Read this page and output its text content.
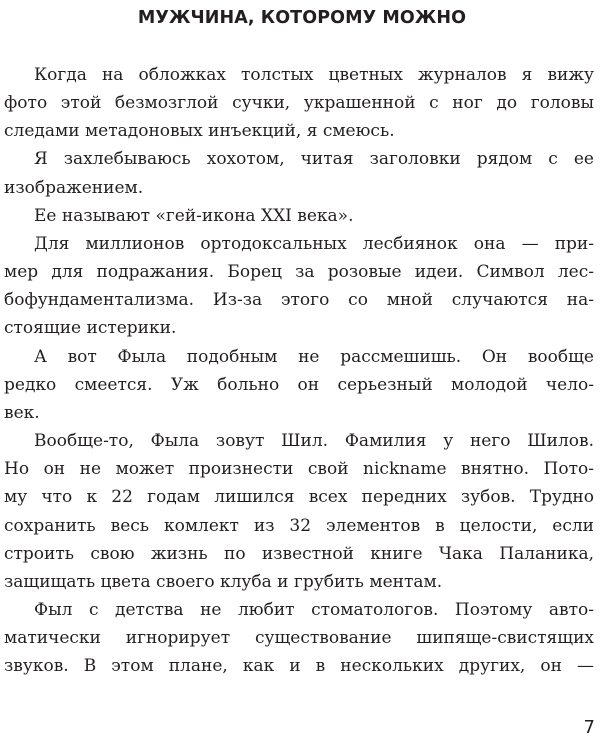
МУЖЧИНА, КОТОРОМУ МОЖНО

Когда на обложках толстых цветных журналов я вижу
фото этой безмозглой сучки, украшенной с ног до головы
следами метадоновых инъекций, я смеюсь.

Я захлебываюсь хохотом, читая заголовки рядом с ее
изображением.

Ее называют «гей-икона XXI века».

Для миллионов ортодоксальных лесбиянок она — при-
мер для подражания. Борец за розовые идеи. Символ лес-
бофундаментализма. Из-за этого со мной случаются на-
стоящие истерики.

А вот Фыла подобным не рассмешишь. Он вообще
редко смеется. Уж больно он серьезный молодой чело-
век.

Вообще-то, Фыла зовут Шил. Фамилия у него Шилов.
Но он не может произнести свой nickname внятно. Пото-
му что к 22 годам лишился всех передних зубов. Трудно
сохранить весь комлект из 32 элементов в целости, если
строить свою жизнь по известной книге Чака Паланика,
защищать цвета своего клуба и грубить ментам.

Фыл с детства не любит стоматологов. Поэтому авто-
матически игнорирует существование шипяще-свистящих
звуков. В этом плане, как и в нескольких других, он —

7
